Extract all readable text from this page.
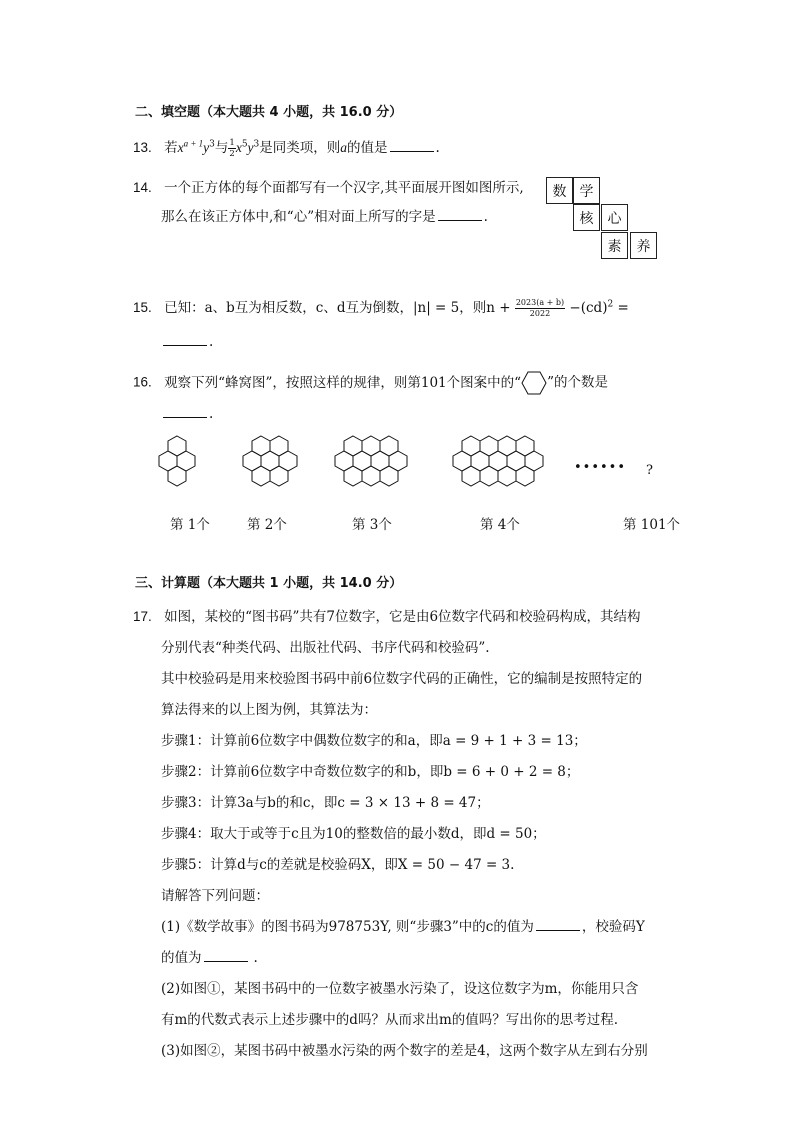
二、填空题（本大题共 4 小题，共 16.0 分）
13. 若$x^{a + 1}y^3$与 $\frac{1}{2}x^5y^3$是同类项，则a的值是	.
14. 一个正方体的每个面都写有一个汉字,其平面展开图如图所示,
那么在该正方体中,和“心”相对面上所写的字是	.
数 学
核	心
素	养
15. 已知：a、b互为相反数，c、d互为倒数，|n| = 5，则$n + \frac{2023(a + b)}{2022} -(cd)^2$ =
.
16. 观察下列“蜂窝图”，按照这样的规律，则第101个图案中的“ ”的个数是
.
•••••• ?
第 1个	第 2个	第 3个	第 4个	第 101个
三、计算题（本大题共 1 小题，共 14.0 分）
17. 如图，某校的“图书码”共有7位数字，它是由6位数字代码和校验码构成，其结构
分别代表“种类代码、出版社代码、书序代码和校验码”.
其中校验码是用来校验图书码中前6位数字代码的正确性，它的编制是按照特定的
算法得来的以上图为例，其算法为：
步骤1：计算前6位数字中偶数位数字的和a，即a = 9 + 1 + 3 = 13；
步骤2：计算前6位数字中奇数位数字的和b，即b = 6 + 0 + 2 = 8；
步骤3：计算3a与b的和c，即c = 3 × 13 + 8 = 47；
步骤4：取大于或等于c且为10的整数倍的最小数d，即d = 50；
步骤5：计算d与c的差就是校验码X，即X = 50 − 47 = 3.
请解答下列问题：
(1)《数学故事》的图书码为978753Y, 则“步骤3”中的c的值为	，校验码Y
的值为	.
(2)如图①，某图书码中的一位数字被墨水污染了，设这位数字为m，你能用只含
有m的代数式表示上述步骤中的d吗？从而求出m的值吗？写出你的思考过程.
(3)如图②，某图书码中被墨水污染的两个数字的差是4，这两个数字从左到右分别
